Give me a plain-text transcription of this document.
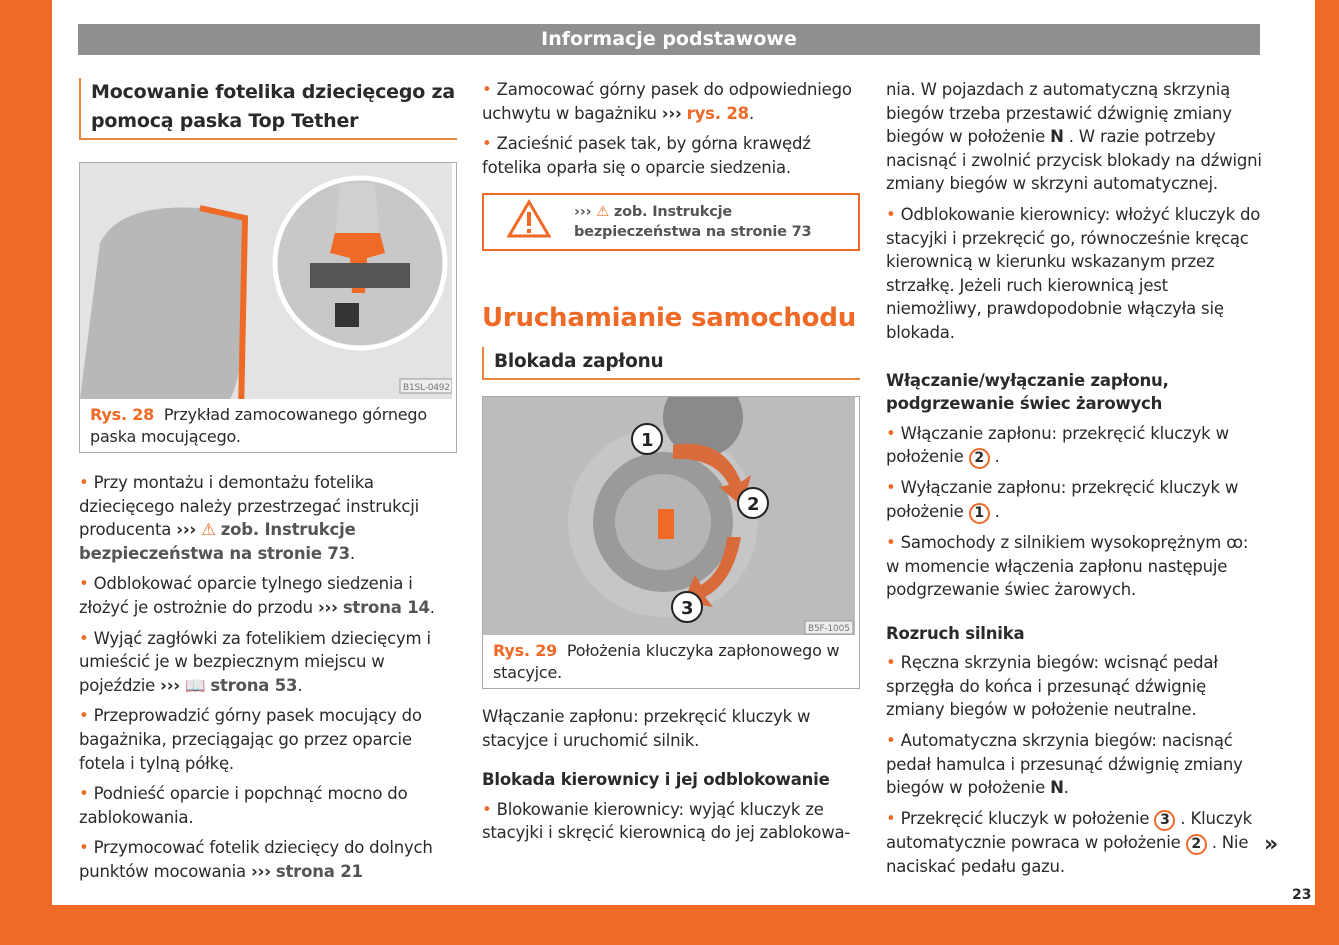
Informacje podstawowe
Mocowanie fotelika dziecięcego za pomocą paska Top Tether
B1SL-0492
Rys. 28 Przykład zamocowanego górnego paska mocującego.
• Przy montażu i demontażu fotelika dziecięcego należy przestrzegać instrukcji producenta ››› ⚠ zob. Instrukcje bezpieczeństwa na stronie 73.
• Odblokować oparcie tylnego siedzenia i złożyć je ostrożnie do przodu ››› strona 14.
• Wyjąć zagłówki za fotelikiem dziecięcym i umieścić je w bezpiecznym miejscu w pojeździe ››› 📖 strona 53.
• Przeprowadzić górny pasek mocujący do bagażnika, przeciągając go przez oparcie fotela i tylną półkę.
• Podnieść oparcie i popchnąć mocno do zablokowania.
• Przymocować fotelik dziecięcy do dolnych punktów mocowania ››› strona 21
• Zamocować górny pasek do odpowiedniego uchwytu w bagażniku ››› rys. 28.
• Zacieśnić pasek tak, by górna krawędź fotelika oparła się o oparcie siedzenia.
››› ⚠ zob. Instrukcje bezpieczeństwa na stronie 73
Uruchamianie samochodu
Blokada zapłonu
1
2
3
B5F-1005
Rys. 29 Położenia kluczyka zapłonowego w stacyjce.
Włączanie zapłonu: przekręcić kluczyk w stacyjce i uruchomić silnik.
Blokada kierownicy i jej odblokowanie
• Blokowanie kierownicy: wyjąć kluczyk ze stacyjki i skręcić kierownicą do jej zablokowa-
nia. W pojazdach z automatyczną skrzynią biegów trzeba przestawić dźwignię zmiany biegów w położenie N . W razie potrzeby nacisnąć i zwolnić przycisk blokady na dźwigni zmiany biegów w skrzyni automatycznej.
• Odblokowanie kierownicy: włożyć kluczyk do stacyjki i przekręcić go, równocześnie kręcąc kierownicą w kierunku wskazanym przez strzałkę. Jeżeli ruch kierownicą jest niemożliwy, prawdopodobnie włączyła się blokada.
Włączanie/wyłączanie zapłonu, podgrzewanie świec żarowych
• Włączanie zapłonu: przekręcić kluczyk w położenie 2 .
• Wyłączanie zapłonu: przekręcić kluczyk w położenie 1 .
• Samochody z silnikiem wysokoprężnym ꝏ: w momencie włączenia zapłonu następuje podgrzewanie świec żarowych.
Rozruch silnika
• Ręczna skrzynia biegów: wcisnąć pedał sprzęgła do końca i przesunąć dźwignię zmiany biegów w położenie neutralne.
• Automatyczna skrzynia biegów: nacisnąć pedał hamulca i przesunąć dźwignię zmiany biegów w położenie N.
• Przekręcić kluczyk w położenie 3 . Kluczyk automatycznie powraca w położenie 2 . Nie naciskać pedału gazu.
»
23
